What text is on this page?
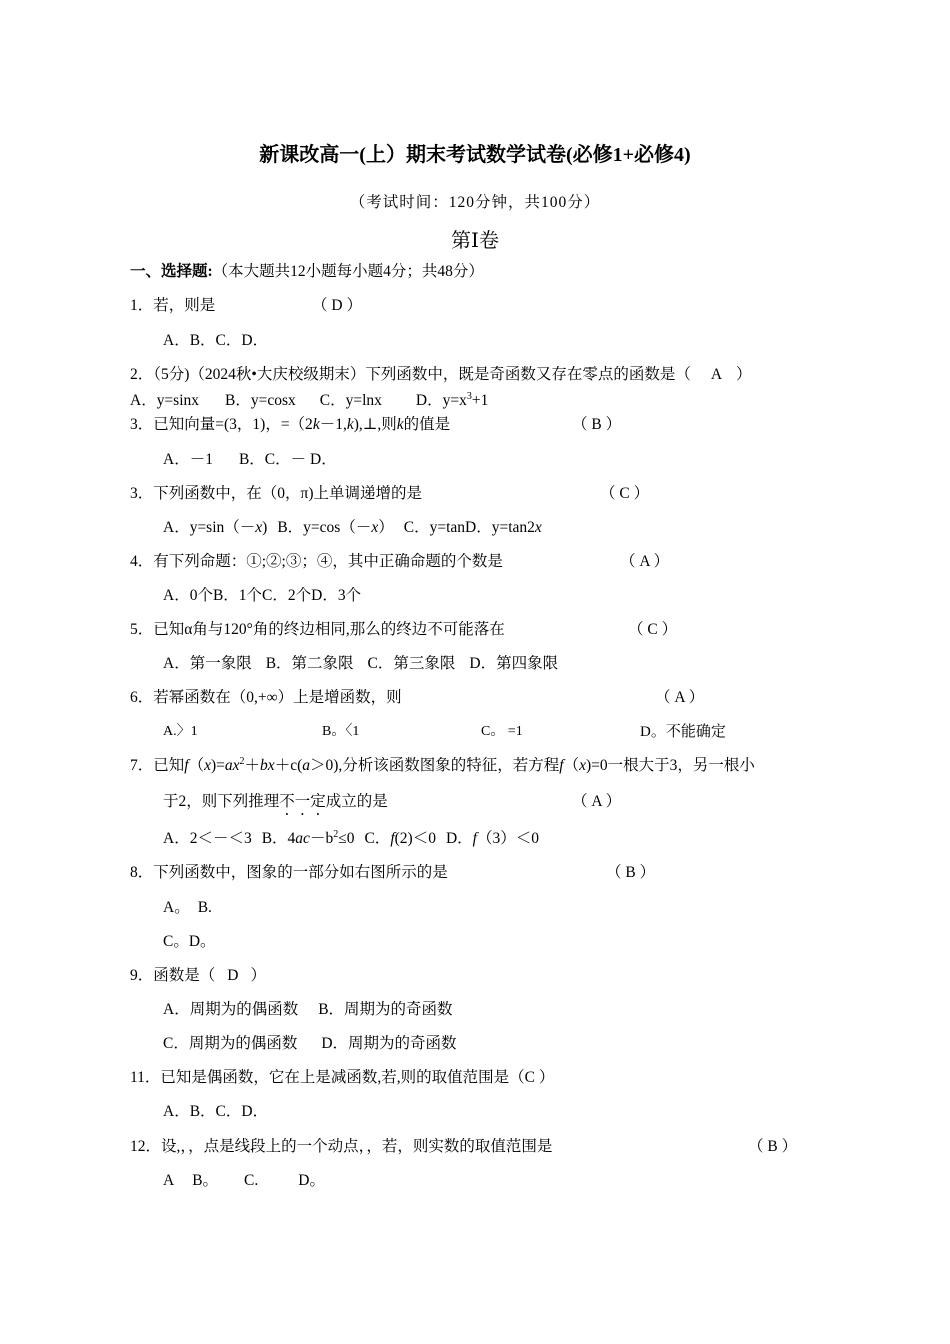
新课改高一(上）期末考试数学试卷(必修1+必修4)
（考试时间：120分钟，共100分）
第Ⅰ卷
一、选择题:（本大题共12小题每小题4分；共48分）
1．若，则是	（ D ）
A．B．C．D．
2．（5分)（2024秋•大庆校级期末）下列函数中，既是奇函数又存在零点的函数是（ A ）
A．y=sinx B．y=cosx C．y=lnx D．$y=x^3+1$
3．已知向量=(3，1)，=（2k－1,k),⊥,则k的值是	（ B ）
A．－1 B．C．－ D．
3．下列函数中，在（0，π)上单调递增的是	（ C ）
A．y=sin（－x) B．y=cos（－x） C．y=tanD．y=tan2x
4．有下列命题：①;②;③；④，其中正确命题的个数是	（ A ）
A．0个B．1个C．2个D．3个
5．已知α角与120°角的终边相同,那么的终边不可能落在	（ C ）
A．第一象限 B．第二象限 C．第三象限 D．第四象限
6．若幂函数在（0,+∞）上是增函数，则	（ A ）
A.〉1	B。〈1	C。 =1	D。不能确定
7．已知$f(x)=ax^2+bx+c(a>0)$,分析该函数图象的特征，若方程f（x)=0一根大于3，另一根小
于2，则下列推理不一定成立的是	（ A ）
A．2＜－＜3 B．$4ac-b^2\le 0$ C．f(2)＜0 D．f（3）＜0
8．下列函数中，图象的一部分如右图所示的是	（ B ）
A。 B.
C。D。
9．函数是（ D ）
A．周期为的偶函数 B．周期为的奇函数
C．周期为的偶函数 D．周期为的奇函数
11．已知是偶函数，它在上是减函数,若,则的取值范围是（C ）
A．B．C．D．
12．设,，，点是线段上的一个动点，，若，则实数的取值范围是	（ B ）
A B。 C.	D。
